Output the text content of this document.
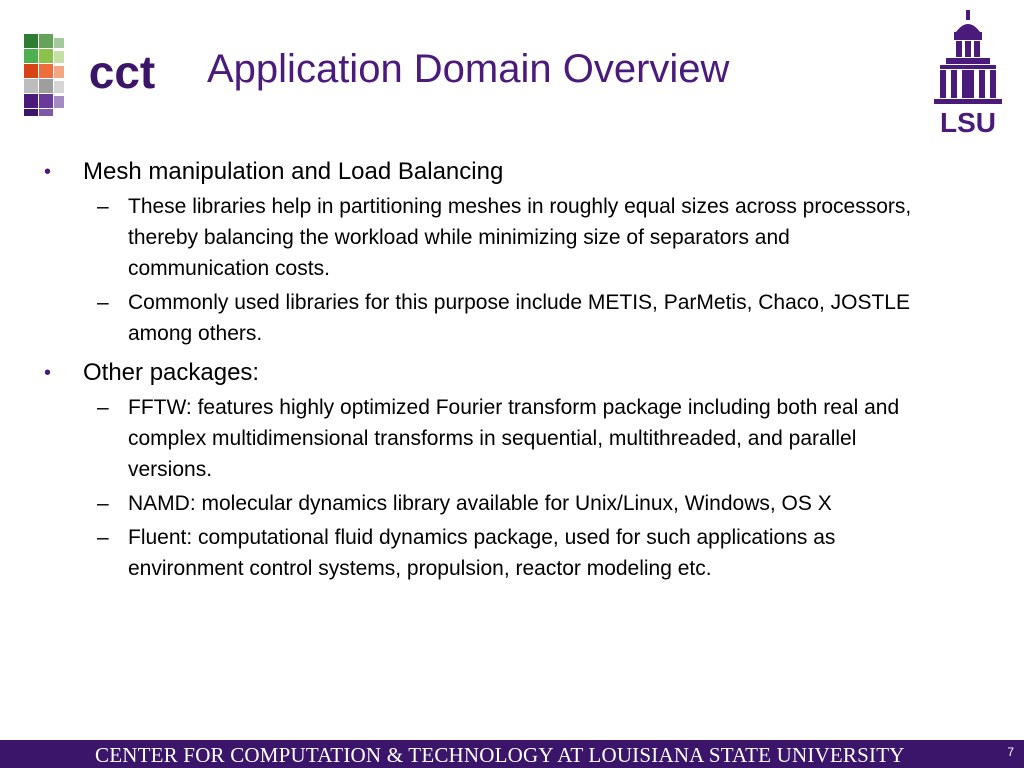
cct Application Domain Overview
LSU
• Mesh manipulation and Load Balancing
– These libraries help in partitioning meshes in roughly equal sizes across processors, thereby balancing the workload while minimizing size of separators and communication costs.
– Commonly used libraries for this purpose include METIS, ParMetis, Chaco, JOSTLE among others.
• Other packages:
– FFTW: features highly optimized Fourier transform package including both real and complex multidimensional transforms in sequential, multithreaded, and parallel versions.
– NAMD: molecular dynamics library available for Unix/Linux, Windows, OS X
– Fluent: computational fluid dynamics package, used for such applications as environment control systems, propulsion, reactor modeling etc.
CENTER FOR COMPUTATION & TECHNOLOGY AT LOUISIANA STATE UNIVERSITY	7
